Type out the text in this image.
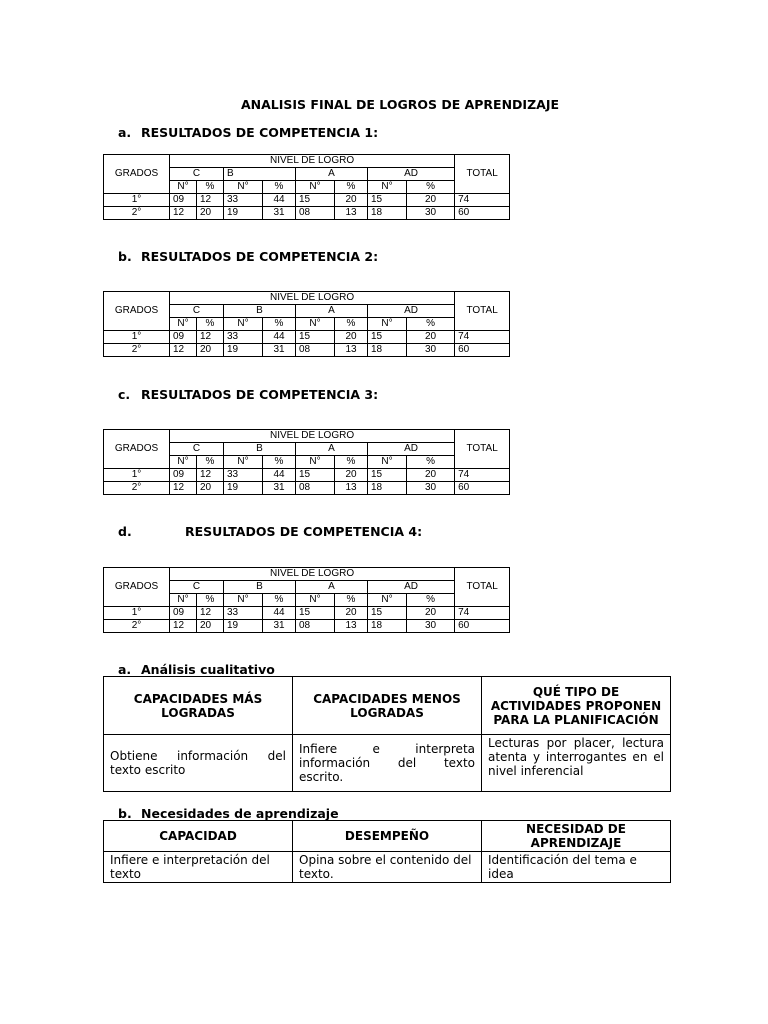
ANALISIS FINAL DE LOGROS DE APRENDIZAJE
a. RESULTADOS DE COMPETENCIA 1:
GRADOS	NIVEL DE LOGRO								TOTAL
	C		B		A		AD		
	N°	%	N°	%	N°	%	N°	%	
1°	09	12	33	44	15	20	15	20	74
2°	12	20	19	31	08	13	18	30	60
b. RESULTADOS DE COMPETENCIA 2:
GRADOS	NIVEL DE LOGRO								TOTAL
	C		B		A		AD		
	N°	%	N°	%	N°	%	N°	%	
1°	09	12	33	44	15	20	15	20	74
2°	12	20	19	31	08	13	18	30	60
c. RESULTADOS DE COMPETENCIA 3:
GRADOS	NIVEL DE LOGRO								TOTAL
	C		B		A		AD		
	N°	%	N°	%	N°	%	N°	%	
1°	09	12	33	44	15	20	15	20	74
2°	12	20	19	31	08	13	18	30	60
d.	RESULTADOS DE COMPETENCIA 4:
GRADOS	NIVEL DE LOGRO								TOTAL
	C		B		A		AD		
	N°	%	N°	%	N°	%	N°	%	
1°	09	12	33	44	15	20	15	20	74
2°	12	20	19	31	08	13	18	30	60
a. Análisis cualitativo
CAPACIDADES MÁS LOGRADAS	CAPACIDADES MENOS LOGRADAS	QUÉ TIPO DE ACTIVIDADES PROPONEN PARA LA PLANIFICACIÓN
Obtiene información del texto escrito	Infiere e interpreta información del texto escrito.	Lecturas por placer, lectura atenta y interrogantes en el nivel inferencial
b. Necesidades de aprendizaje
CAPACIDAD	DESEMPEÑO	NECESIDAD DE APRENDIZAJE
Infiere e interpretación del texto	Opina sobre el contenido del texto.	Identificación del tema e idea
